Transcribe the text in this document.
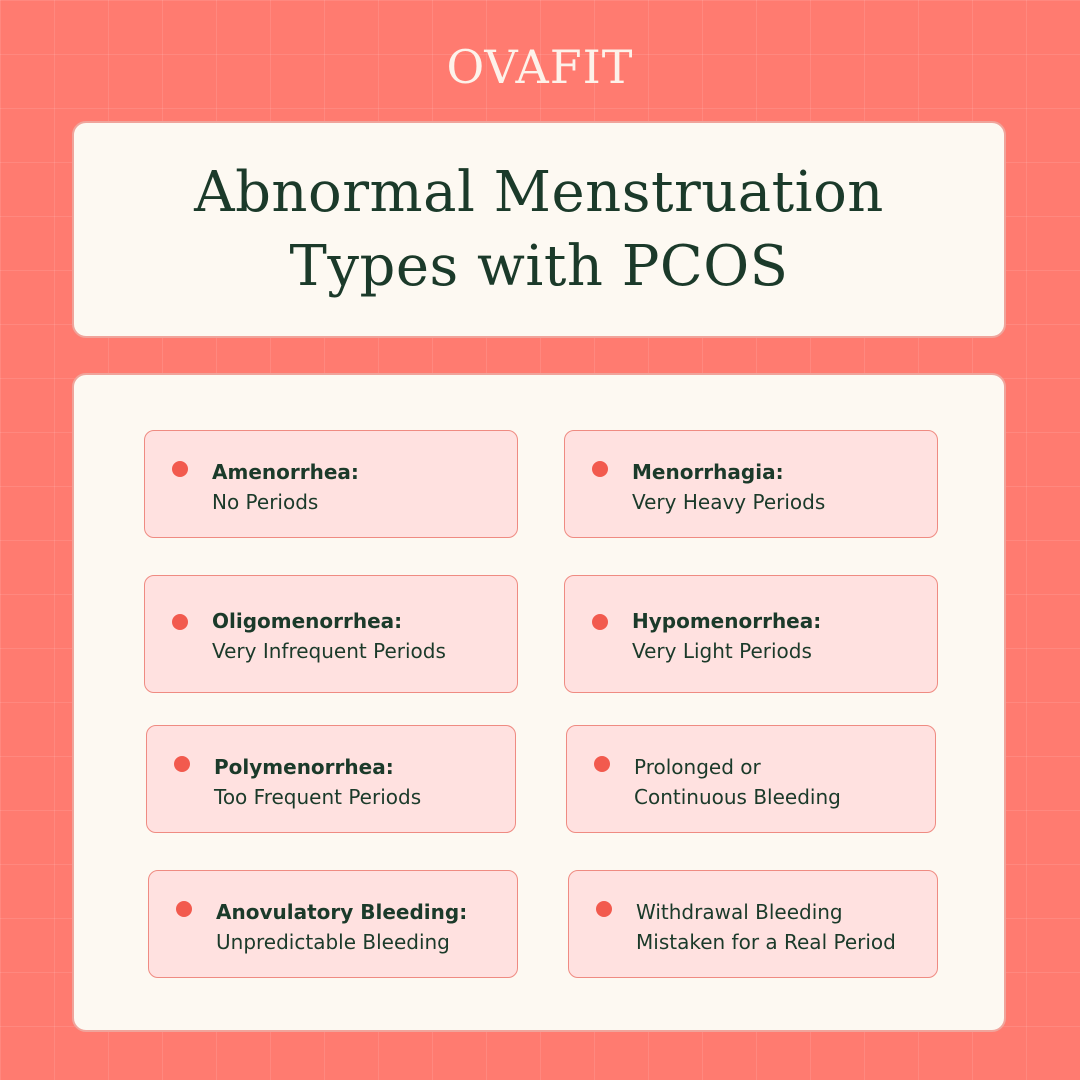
OVAFIT
Abnormal Menstruation
Types with PCOS
Amenorrhea:
No Periods
Menorrhagia:
Very Heavy Periods
Oligomenorrhea:
Very Infrequent Periods
Hypomenorrhea:
Very Light Periods
Polymenorrhea:
Too Frequent Periods
Prolonged or
Continuous Bleeding
Anovulatory Bleeding:
Unpredictable Bleeding
Withdrawal Bleeding
Mistaken for a Real Period
